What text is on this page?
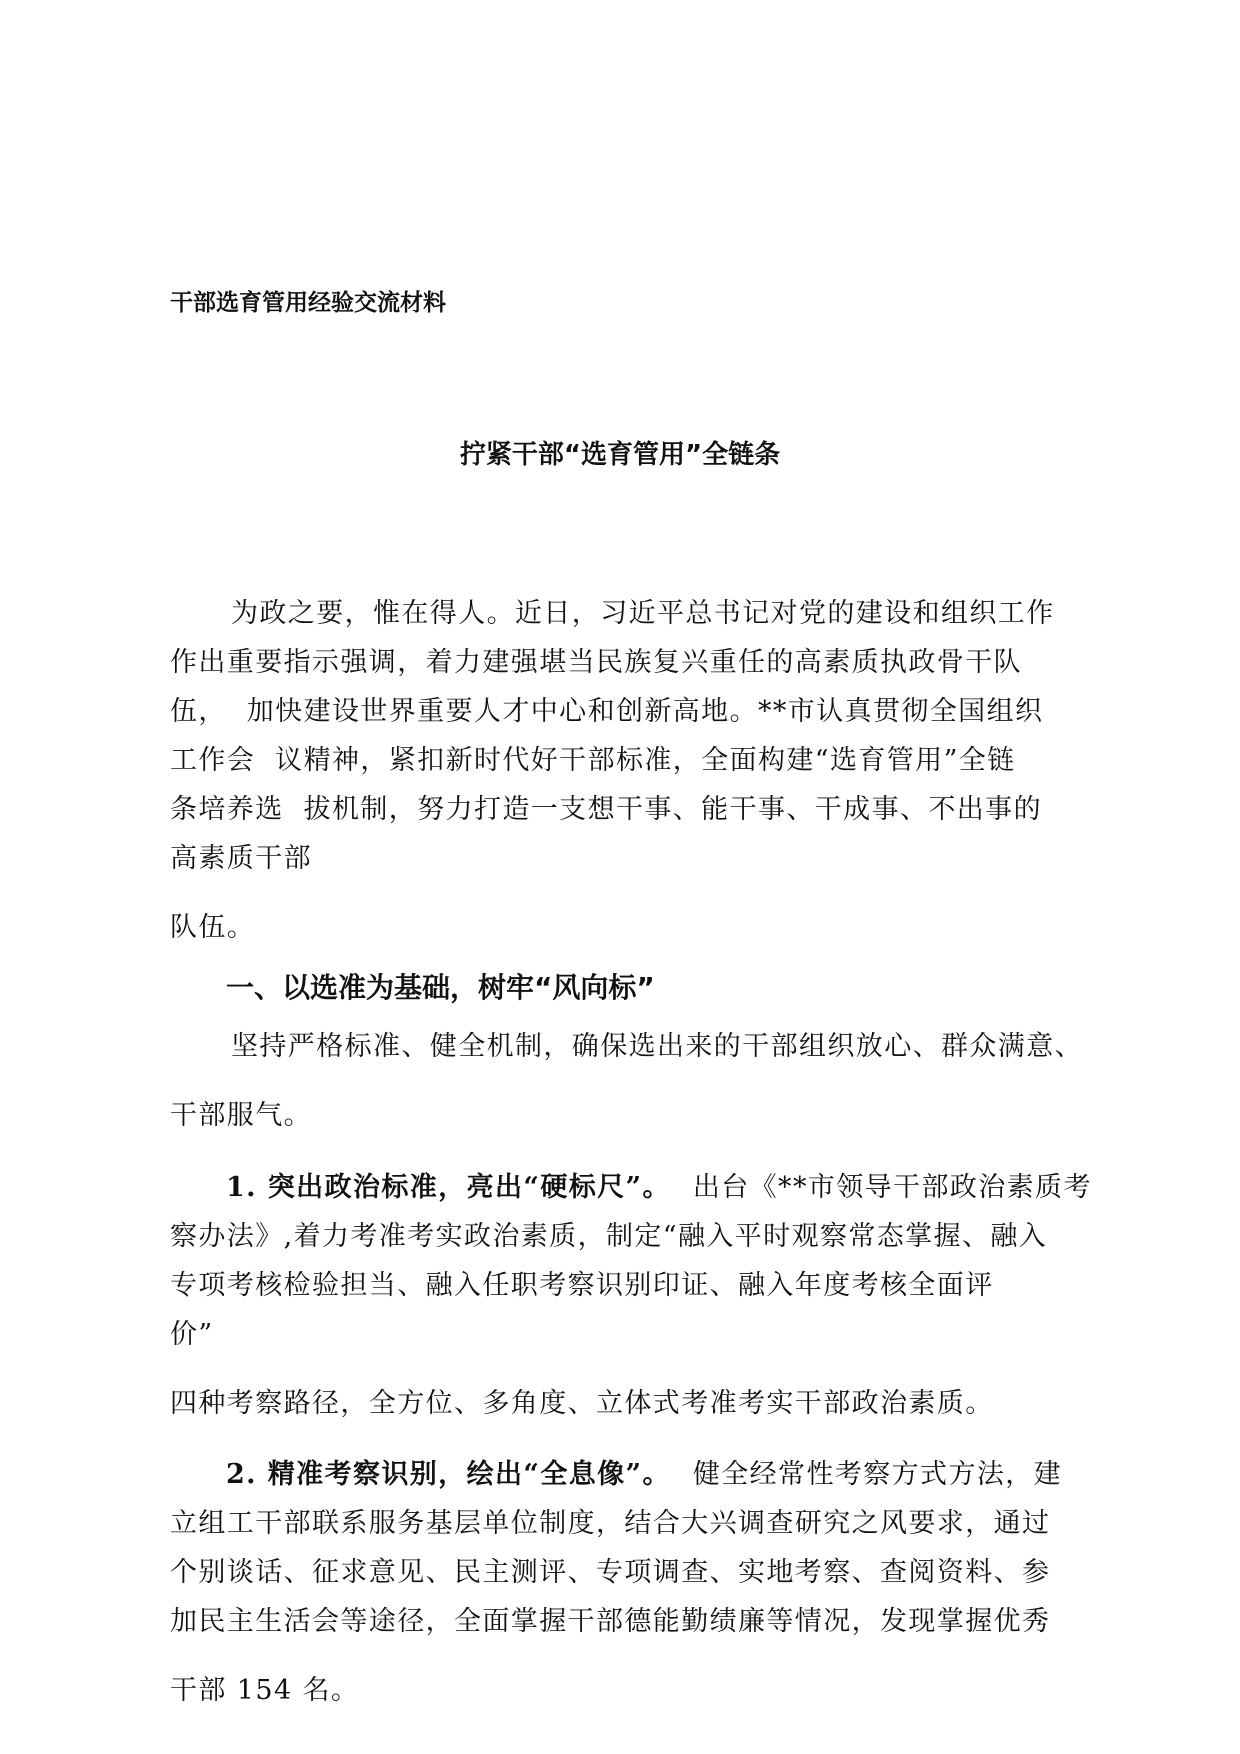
干部选育管用经验交流材料

拧紧干部“选育管用”全链条

为政之要，惟在得人。近日，习近平总书记对党的建设和组织工作

作出重要指示强调，着力建强堪当民族复兴重任的高素质执政骨干队

伍，  加快建设世界重要人才中心和创新高地。**市认真贯彻全国组织

工作会  议精神，紧扣新时代好干部标准，全面构建“选育管用”全链

条培养选  拔机制，努力打造一支想干事、能干事、干成事、不出事的

高素质干部

队伍。

一、以选准为基础，树牢“风向标”

坚持严格标准、健全机制，确保选出来的干部组织放心、群众满意、

干部服气。

1. 突出政治标准，亮出“硬标尺”。 出台《**市领导干部政治素质考

察办法》,着力考准考实政治素质，制定“融入平时观察常态掌握、融入

专项考核检验担当、融入任职考察识别印证、融入年度考核全面评

价”

四种考察路径，全方位、多角度、立体式考准考实干部政治素质。

2. 精准考察识别，绘出“全息像”。 健全经常性考察方式方法，建

立组工干部联系服务基层单位制度，结合大兴调查研究之风要求，通过

个别谈话、征求意见、民主测评、专项调查、实地考察、查阅资料、参

加民主生活会等途径，全面掌握干部德能勤绩廉等情况，发现掌握优秀

干部 154 名。
